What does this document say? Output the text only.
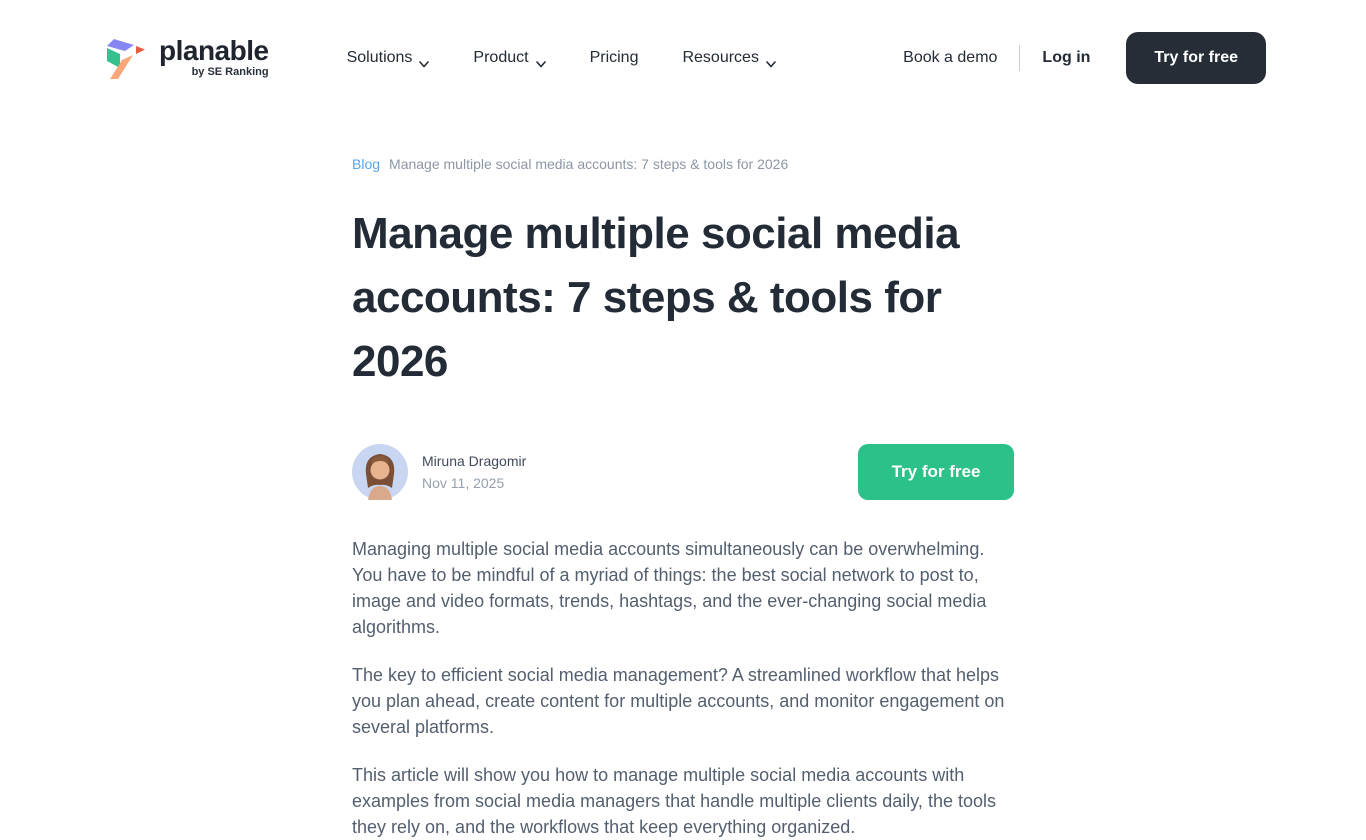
planable
by SE Ranking
Solutions	Product	Pricing	Resources	Book a demo	Log in	Try for free
Blog Manage multiple social media accounts: 7 steps & tools for 2026
Manage multiple social media accounts: 7 steps & tools for 2026
Miruna Dragomir
Nov 11, 2025
Try for free

Managing multiple social media accounts simultaneously can be overwhelming. You have to be mindful of a myriad of things: the best social network to post to, image and video formats, trends, hashtags, and the ever-changing social media algorithms.

The key to efficient social media management? A streamlined workflow that helps you plan ahead, create content for multiple accounts, and monitor engagement on several platforms.

This article will show you how to manage multiple social media accounts with examples from social media managers that handle multiple clients daily, the tools they rely on, and the workflows that keep everything organized.
